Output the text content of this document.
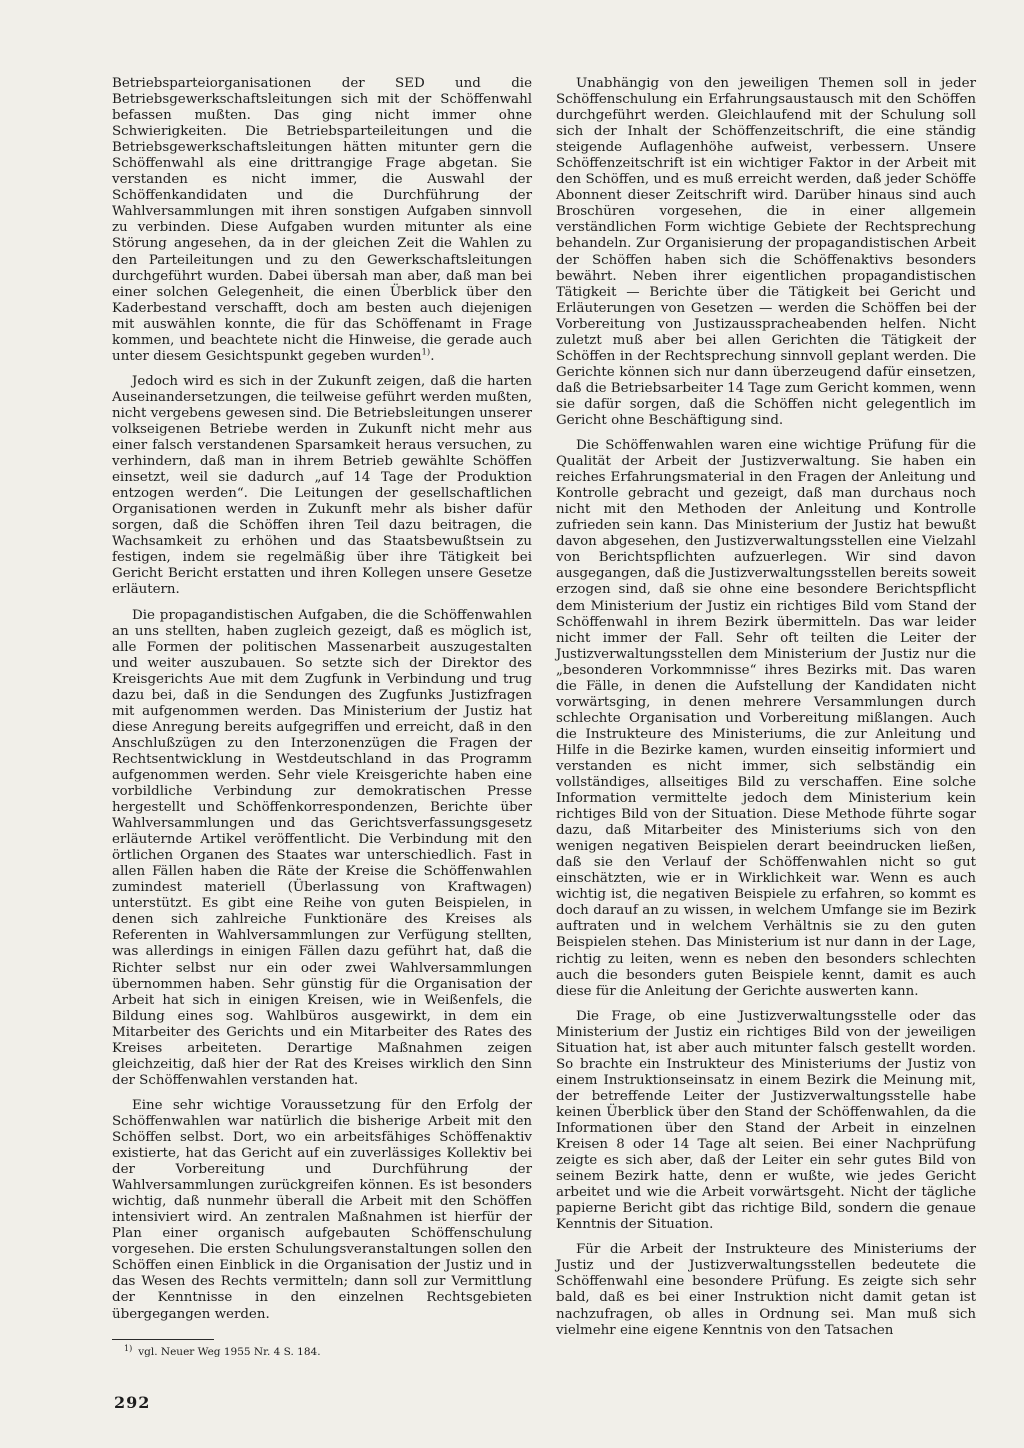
Betriebsparteiorganisationen der SED und die Betriebsgewerkschaftsleitungen sich mit der Schöffenwahl befassen mußten. Das ging nicht immer ohne Schwierigkeiten. Die Betriebsparteileitungen und die Betriebsgewerkschaftsleitungen hätten mitunter gern die Schöffenwahl als eine drittrangige Frage abgetan. Sie verstanden es nicht immer, die Auswahl der Schöffenkandidaten und die Durchführung der Wahlversammlungen mit ihren sonstigen Aufgaben sinnvoll zu verbinden. Diese Aufgaben wurden mitunter als eine Störung angesehen, da in der gleichen Zeit die Wahlen zu den Parteileitungen und zu den Gewerkschaftsleitungen durchgeführt wurden. Dabei übersah man aber, daß man bei einer solchen Gelegenheit, die einen Überblick über den Kaderbestand verschafft, doch am besten auch diejenigen mit auswählen konnte, die für das Schöffenamt in Frage kommen, und beachtete nicht die Hinweise, die gerade auch unter diesem Gesichtspunkt gegeben wurden$^{1)}$.

Jedoch wird es sich in der Zukunft zeigen, daß die harten Auseinandersetzungen, die teilweise geführt werden mußten, nicht vergebens gewesen sind. Die Betriebsleitungen unserer volkseigenen Betriebe werden in Zukunft nicht mehr aus einer falsch verstandenen Sparsamkeit heraus versuchen, zu verhindern, daß man in ihrem Betrieb gewählte Schöffen einsetzt, weil sie dadurch „auf 14 Tage der Produktion entzogen werden“. Die Leitungen der gesellschaftlichen Organisationen werden in Zukunft mehr als bisher dafür sorgen, daß die Schöffen ihren Teil dazu beitragen, die Wachsamkeit zu erhöhen und das Staatsbewußtsein zu festigen, indem sie regelmäßig über ihre Tätigkeit bei Gericht Bericht erstatten und ihren Kollegen unsere Gesetze erläutern.

Die propagandistischen Aufgaben, die die Schöffenwahlen an uns stellten, haben zugleich gezeigt, daß es möglich ist, alle Formen der politischen Massenarbeit auszugestalten und weiter auszubauen. So setzte sich der Direktor des Kreisgerichts Aue mit dem Zugfunk in Verbindung und trug dazu bei, daß in die Sendungen des Zugfunks Justizfragen mit aufgenommen werden. Das Ministerium der Justiz hat diese Anregung bereits aufgegriffen und erreicht, daß in den Anschlußzügen zu den Interzonenzügen die Fragen der Rechtsentwicklung in Westdeutschland in das Programm aufgenommen werden. Sehr viele Kreisgerichte haben eine vorbildliche Verbindung zur demokratischen Presse hergestellt und Schöffenkorrespondenzen, Berichte über Wahlversammlungen und das Gerichtsverfassungsgesetz erläuternde Artikel veröffentlicht. Die Verbindung mit den örtlichen Organen des Staates war unterschiedlich. Fast in allen Fällen haben die Räte der Kreise die Schöffenwahlen zumindest materiell (Überlassung von Kraftwagen) unterstützt. Es gibt eine Reihe von guten Beispielen, in denen sich zahlreiche Funktionäre des Kreises als Referenten in Wahlversammlungen zur Verfügung stellten, was allerdings in einigen Fällen dazu geführt hat, daß die Richter selbst nur ein oder zwei Wahlversammlungen übernommen haben. Sehr günstig für die Organisation der Arbeit hat sich in einigen Kreisen, wie in Weißenfels, die Bildung eines sog. Wahlbüros ausgewirkt, in dem ein Mitarbeiter des Gerichts und ein Mitarbeiter des Rates des Kreises arbeiteten. Derartige Maßnahmen zeigen gleichzeitig, daß hier der Rat des Kreises wirklich den Sinn der Schöffenwahlen verstanden hat.

Eine sehr wichtige Voraussetzung für den Erfolg der Schöffenwahlen war natürlich die bisherige Arbeit mit den Schöffen selbst. Dort, wo ein arbeitsfähiges Schöffenaktiv existierte, hat das Gericht auf ein zuverlässiges Kollektiv bei der Vorbereitung und Durchführung der Wahlversammlungen zurückgreifen können. Es ist besonders wichtig, daß nunmehr überall die Arbeit mit den Schöffen intensiviert wird. An zentralen Maßnahmen ist hierfür der Plan einer organisch aufgebauten Schöffenschulung vorgesehen. Die ersten Schulungsveranstaltungen sollen den Schöffen einen Einblick in die Organisation der Justiz und in das Wesen des Rechts vermitteln; dann soll zur Vermittlung der Kenntnisse in den einzelnen Rechtsgebieten übergegangen werden.

Unabhängig von den jeweiligen Themen soll in jeder Schöffenschulung ein Erfahrungsaustausch mit den Schöffen durchgeführt werden. Gleichlaufend mit der Schulung soll sich der Inhalt der Schöffenzeitschrift, die eine ständig steigende Auflagenhöhe aufweist, verbessern. Unsere Schöffenzeitschrift ist ein wichtiger Faktor in der Arbeit mit den Schöffen, und es muß erreicht werden, daß jeder Schöffe Abonnent dieser Zeitschrift wird. Darüber hinaus sind auch Broschüren vorgesehen, die in einer allgemein verständlichen Form wichtige Gebiete der Rechtsprechung behandeln. Zur Organisierung der propagandistischen Arbeit der Schöffen haben sich die Schöffenaktivs besonders bewährt. Neben ihrer eigentlichen propagandistischen Tätigkeit — Berichte über die Tätigkeit bei Gericht und Erläuterungen von Gesetzen — werden die Schöffen bei der Vorbereitung von Justizausspracheabenden helfen. Nicht zuletzt muß aber bei allen Gerichten die Tätigkeit der Schöffen in der Rechtsprechung sinnvoll geplant werden. Die Gerichte können sich nur dann überzeugend dafür einsetzen, daß die Betriebsarbeiter 14 Tage zum Gericht kommen, wenn sie dafür sorgen, daß die Schöffen nicht gelegentlich im Gericht ohne Beschäftigung sind.

Die Schöffenwahlen waren eine wichtige Prüfung für die Qualität der Arbeit der Justizverwaltung. Sie haben ein reiches Erfahrungsmaterial in den Fragen der Anleitung und Kontrolle gebracht und gezeigt, daß man durchaus noch nicht mit den Methoden der Anleitung und Kontrolle zufrieden sein kann. Das Ministerium der Justiz hat bewußt davon abgesehen, den Justizverwaltungsstellen eine Vielzahl von Berichtspflichten aufzuerlegen. Wir sind davon ausgegangen, daß die Justizverwaltungsstellen bereits soweit erzogen sind, daß sie ohne eine besondere Berichtspflicht dem Ministerium der Justiz ein richtiges Bild vom Stand der Schöffenwahl in ihrem Bezirk übermitteln. Das war leider nicht immer der Fall. Sehr oft teilten die Leiter der Justizverwaltungsstellen dem Ministerium der Justiz nur die „besonderen Vorkommnisse“ ihres Bezirks mit. Das waren die Fälle, in denen die Aufstellung der Kandidaten nicht vorwärtsging, in denen mehrere Versammlungen durch schlechte Organisation und Vorbereitung mißlangen. Auch die Instrukteure des Ministeriums, die zur Anleitung und Hilfe in die Bezirke kamen, wurden einseitig informiert und verstanden es nicht immer, sich selbständig ein vollständiges, allseitiges Bild zu verschaffen. Eine solche Information vermittelte jedoch dem Ministerium kein richtiges Bild von der Situation. Diese Methode führte sogar dazu, daß Mitarbeiter des Ministeriums sich von den wenigen negativen Beispielen derart beeindrucken ließen, daß sie den Verlauf der Schöffenwahlen nicht so gut einschätzten, wie er in Wirklichkeit war. Wenn es auch wichtig ist, die negativen Beispiele zu erfahren, so kommt es doch darauf an zu wissen, in welchem Umfange sie im Bezirk auftraten und in welchem Verhältnis sie zu den guten Beispielen stehen. Das Ministerium ist nur dann in der Lage, richtig zu leiten, wenn es neben den besonders schlechten auch die besonders guten Beispiele kennt, damit es auch diese für die Anleitung der Gerichte auswerten kann.

Die Frage, ob eine Justizverwaltungsstelle oder das Ministerium der Justiz ein richtiges Bild von der jeweiligen Situation hat, ist aber auch mitunter falsch gestellt worden. So brachte ein Instrukteur des Ministeriums der Justiz von einem Instruktionseinsatz in einem Bezirk die Meinung mit, der betreffende Leiter der Justizverwaltungsstelle habe keinen Überblick über den Stand der Schöffenwahlen, da die Informationen über den Stand der Arbeit in einzelnen Kreisen 8 oder 14 Tage alt seien. Bei einer Nachprüfung zeigte es sich aber, daß der Leiter ein sehr gutes Bild von seinem Bezirk hatte, denn er wußte, wie jedes Gericht arbeitet und wie die Arbeit vorwärtsgeht. Nicht der tägliche papierne Bericht gibt das richtige Bild, sondern die genaue Kenntnis der Situation.

Für die Arbeit der Instrukteure des Ministeriums der Justiz und der Justizverwaltungsstellen bedeutete die Schöffenwahl eine besondere Prüfung. Es zeigte sich sehr bald, daß es bei einer Instruktion nicht damit getan ist nachzufragen, ob alles in Ordnung sei. Man muß sich vielmehr eine eigene Kenntnis von den Tatsachen

$^{1)}$ vgl. Neuer Weg 1955 Nr. 4 S. 184.
292
